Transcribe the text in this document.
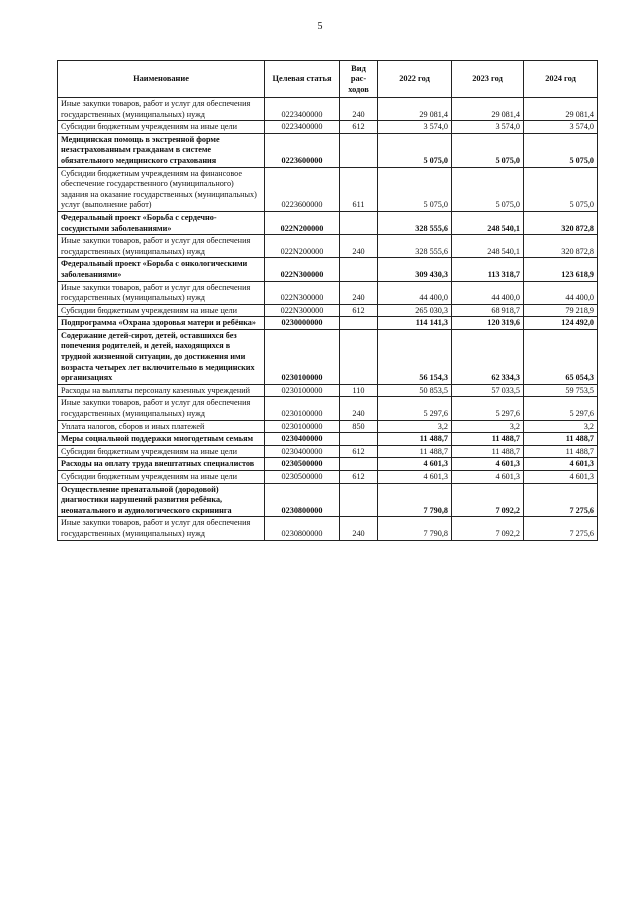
5
Наименование	Целевая статья	Вид рас-ходов	2022 год	2023 год	2024 год
Иные закупки товаров, работ и услуг для обеспечения государственных (муниципальных) нужд	0223400000	240	29 081,4	29 081,4	29 081,4
Субсидии бюджетным учреждениям на иные цели	0223400000	612	3 574,0	3 574,0	3 574,0
Медицинская помощь в экстренной форме незастрахованным гражданам в системе обязательного медицинского страхования	0223600000		5 075,0	5 075,0	5 075,0
Субсидии бюджетным учреждениям на финансовое обеспечение государственного (муниципального) задания на оказание государственных (муниципальных) услуг (выполнение работ)	0223600000	611	5 075,0	5 075,0	5 075,0
Федеральный проект «Борьба с сердечно-сосудистыми заболеваниями»	022N200000		328 555,6	248 540,1	320 872,8
Иные закупки товаров, работ и услуг для обеспечения государственных (муниципальных) нужд	022N200000	240	328 555,6	248 540,1	320 872,8
Федеральный проект «Борьба с онкологическими заболеваниями»	022N300000		309 430,3	113 318,7	123 618,9
Иные закупки товаров, работ и услуг для обеспечения государственных (муниципальных) нужд	022N300000	240	44 400,0	44 400,0	44 400,0
Субсидии бюджетным учреждениям на иные цели	022N300000	612	265 030,3	68 918,7	79 218,9
Подпрограмма «Охрана здоровья матери и ребёнка»	0230000000		114 141,3	120 319,6	124 492,0
Содержание детей-сирот, детей, оставшихся без попечения родителей, и детей, находящихся в трудной жизненной ситуации, до достижения ими возраста четырех лет включительно в медицинских организациях	0230100000		56 154,3	62 334,3	65 054,3
Расходы на выплаты персоналу казенных учреждений	0230100000	110	50 853,5	57 033,5	59 753,5
Иные закупки товаров, работ и услуг для обеспечения государственных (муниципальных) нужд	0230100000	240	5 297,6	5 297,6	5 297,6
Уплата налогов, сборов и иных платежей	0230100000	850	3,2	3,2	3,2
Меры социальной поддержки многодетным семьям	0230400000		11 488,7	11 488,7	11 488,7
Субсидии бюджетным учреждениям на иные цели	0230400000	612	11 488,7	11 488,7	11 488,7
Расходы на оплату труда внештатных специалистов	0230500000		4 601,3	4 601,3	4 601,3
Субсидии бюджетным учреждениям на иные цели	0230500000	612	4 601,3	4 601,3	4 601,3
Осуществление пренатальной (дородовой) диагностики нарушений развития ребёнка, неонатального и аудиологического скрининга	0230800000		7 790,8	7 092,2	7 275,6
Иные закупки товаров, работ и услуг для обеспечения государственных (муниципальных) нужд	0230800000	240	7 790,8	7 092,2	7 275,6
